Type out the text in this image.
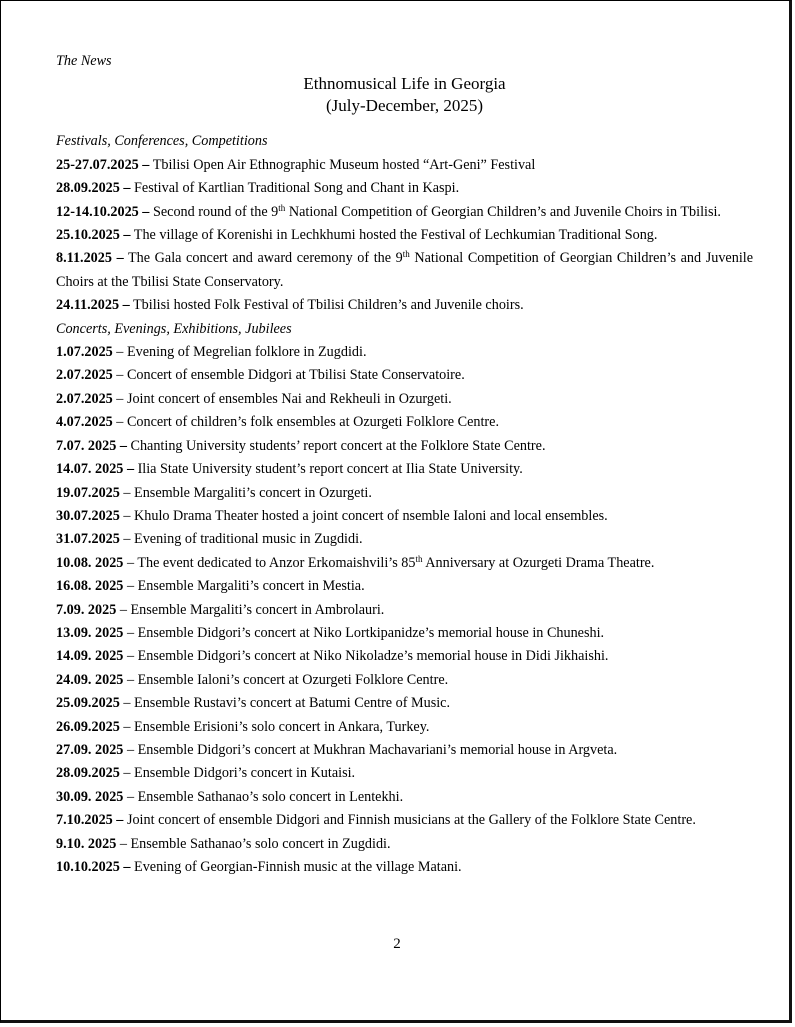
The News

Ethnomusical Life in Georgia

(July-December, 2025)

Festivals, Conferences, Competitions

25-27.07.2025 – Tbilisi Open Air Ethnographic Museum hosted “Art-Geni” Festival

28.09.2025 – Festival of Kartlian Traditional Song and Chant in Kaspi.

12-14.10.2025 – Second round of the 9th National Competition of Georgian Children’s and Juvenile Choirs in Tbilisi.

25.10.2025 – The village of Korenishi in Lechkhumi hosted the Festival of Lechkumian Traditional Song.

8.11.2025 – The Gala concert and award ceremony of the 9th National Competition of Georgian Children’s and Juvenile Choirs at the Tbilisi State Conservatory.

24.11.2025 – Tbilisi hosted Folk Festival of Tbilisi Children’s and Juvenile choirs.

Concerts, Evenings, Exhibitions, Jubilees

1.07.2025 – Evening of Megrelian folklore in Zugdidi.

2.07.2025 – Concert of ensemble Didgori at Tbilisi State Conservatoire.

2.07.2025 – Joint concert of ensembles Nai and Rekheuli in Ozurgeti.

4.07.2025 – Concert of children’s folk ensembles at Ozurgeti Folklore Centre.

7.07. 2025 – Chanting University students’ report concert at the Folklore State Centre.

14.07. 2025 – Ilia State University student’s report concert at Ilia State University.

19.07.2025 – Ensemble Margaliti’s concert in Ozurgeti.

30.07.2025 – Khulo Drama Theater hosted a joint concert of nsemble Ialoni and local ensembles.

31.07.2025 – Evening of traditional music in Zugdidi.

10.08. 2025 – The event dedicated to Anzor Erkomaishvili’s 85th Anniversary at Ozurgeti Drama Theatre.

16.08. 2025 – Ensemble Margaliti’s concert in Mestia.

7.09. 2025 – Ensemble Margaliti’s concert in Ambrolauri.

13.09. 2025 – Ensemble Didgori’s concert at Niko Lortkipanidze’s memorial house in Chuneshi.

14.09. 2025 – Ensemble Didgori’s concert at Niko Nikoladze’s memorial house in Didi Jikhaishi.

24.09. 2025 – Ensemble Ialoni’s concert at Ozurgeti Folklore Centre.

25.09.2025 – Ensemble Rustavi’s concert at Batumi Centre of Music.

26.09.2025 – Ensemble Erisioni’s solo concert in Ankara, Turkey.

27.09. 2025 – Ensemble Didgori’s concert at Mukhran Machavariani’s memorial house in Argveta.

28.09.2025 – Ensemble Didgori’s concert in Kutaisi.

30.09. 2025 – Ensemble Sathanao’s solo concert in Lentekhi.

7.10.2025 – Joint concert of ensemble Didgori and Finnish musicians at the Gallery of the Folklore State Centre.

9.10. 2025 – Ensemble Sathanao’s solo concert in Zugdidi.

10.10.2025 – Evening of Georgian-Finnish music at the village Matani.

2
